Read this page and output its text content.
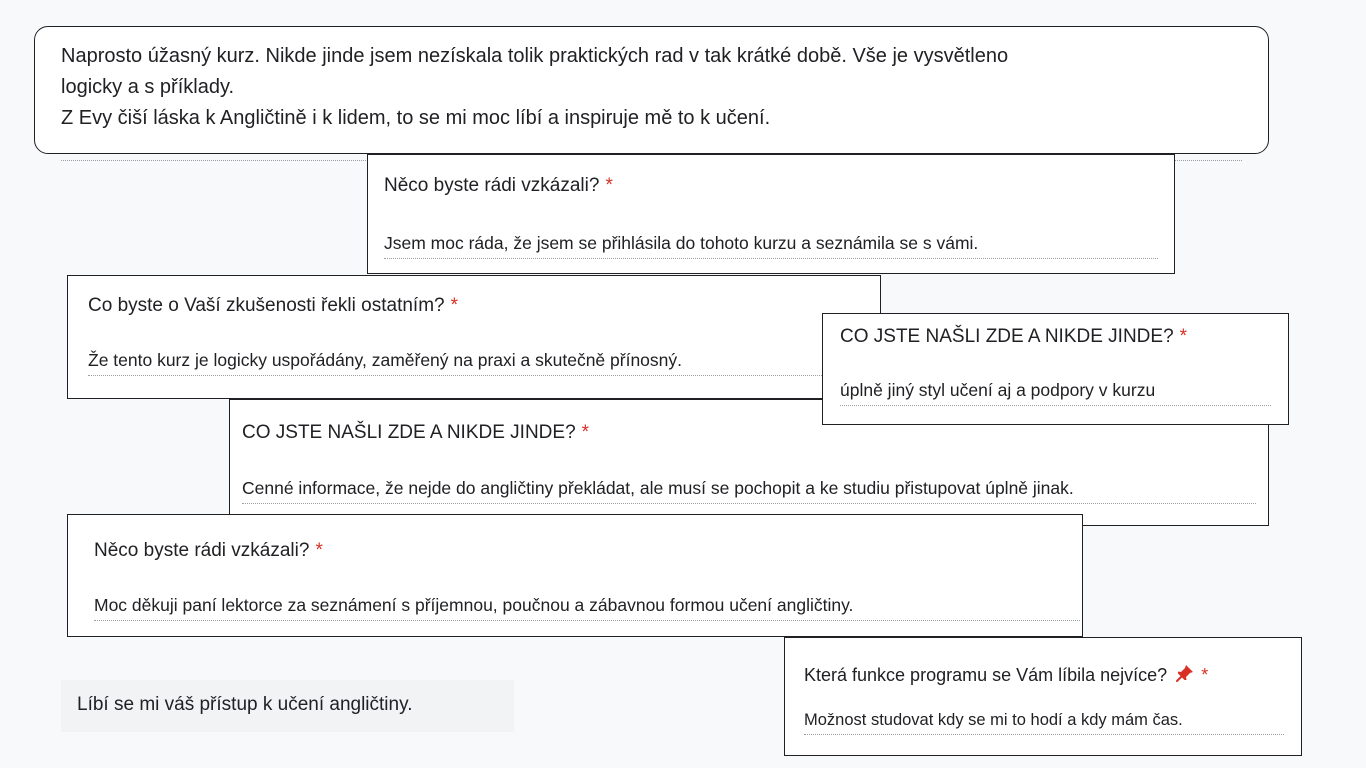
Naprosto úžasný kurz. Nikde jinde jsem nezískala tolik praktických rad v tak krátké době. Vše je vysvětleno
logicky a s příklady.
Z Evy čiší láska k Angličtině i k lidem, to se mi moc líbí a inspiruje mě to k učení.
Něco byste rádi vzkázali? *
Jsem moc ráda, že jsem se přihlásila do tohoto kurzu a seznámila se s vámi.
Co byste o Vaší zkušenosti řekli ostatním? *
Že tento kurz je logicky uspořádány, zaměřený na praxi a skutečně přínosný.
CO JSTE NAŠLI ZDE A NIKDE JINDE? *
Cenné informace, že nejde do angličtiny překládat, ale musí se pochopit a ke studiu přistupovat úplně jinak.
CO JSTE NAŠLI ZDE A NIKDE JINDE? *
úplně jiný styl učení aj a podpory v kurzu
Něco byste rádi vzkázali? *
Moc děkuji paní lektorce za seznámení s příjemnou, poučnou a zábavnou formou učení angličtiny.
Líbí se mi váš přístup k učení angličtiny.
Která funkce programu se Vám líbila nejvíce? *
Možnost studovat kdy se mi to hodí a kdy mám čas.
